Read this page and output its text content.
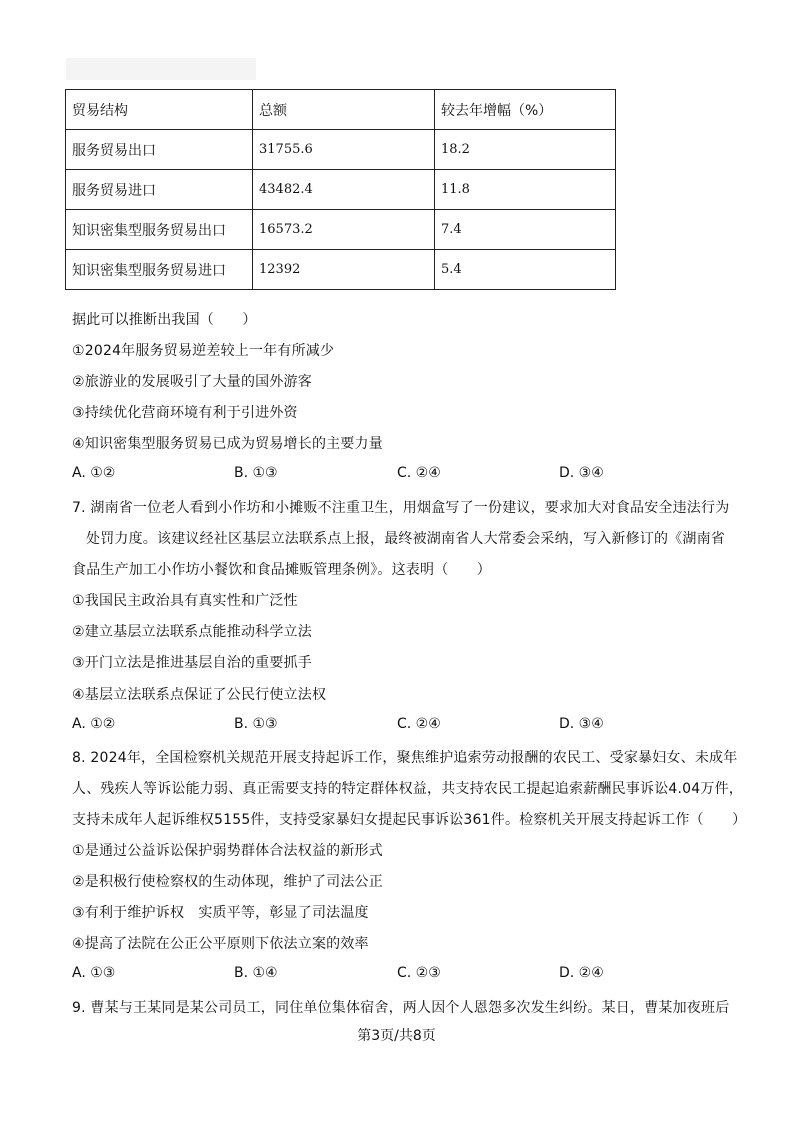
贸易结构	总额	较去年增幅（%）
服务贸易出口	31755.6	18.2
服务贸易进口	43482.4	11.8
知识密集型服务贸易出口	16573.2	7.4
知识密集型服务贸易进口	12392	5.4
据此可以推断出我国（　　）
①2024年服务贸易逆差较上一年有所减少
②旅游业的发展吸引了大量的国外游客
③持续优化营商环境有利于引进外资
④知识密集型服务贸易已成为贸易增长的主要力量
A. ①②	B. ①③	C. ②④	D. ③④
7. 湖南省一位老人看到小作坊和小摊贩不注重卫生，用烟盒写了一份建议，要求加大对食品安全违法行为
处罚力度。该建议经社区基层立法联系点上报，最终被湖南省人大常委会采纳，写入新修订的《湖南省
食品生产加工小作坊小餐饮和食品摊贩管理条例》。这表明（　　）
①我国民主政治具有真实性和广泛性
②建立基层立法联系点能推动科学立法
③开门立法是推进基层自治的重要抓手
④基层立法联系点保证了公民行使立法权
A. ①②	B. ①③	C. ②④	D. ③④
8. 2024年，全国检察机关规范开展支持起诉工作，聚焦维护追索劳动报酬的农民工、受家暴妇女、未成年
人、残疾人等诉讼能力弱、真正需要支持的特定群体权益，共支持农民工提起追索薪酬民事诉讼4.04万件，
支持未成年人起诉维权5155件，支持受家暴妇女提起民事诉讼361件。检察机关开展支持起诉工作（　　）
①是通过公益诉讼保护弱势群体合法权益的新形式
②是积极行使检察权的生动体现，维护了司法公正
③有利于维护诉权　实质平等，彰显了司法温度
④提高了法院在公正公平原则下依法立案的效率
A. ①③	B. ①④	C. ②③	D. ②④
9. 曹某与王某同是某公司员工，同住单位集体宿舍，两人因个人恩怨多次发生纠纷。某日，曹某加夜班后
第3页/共8页
